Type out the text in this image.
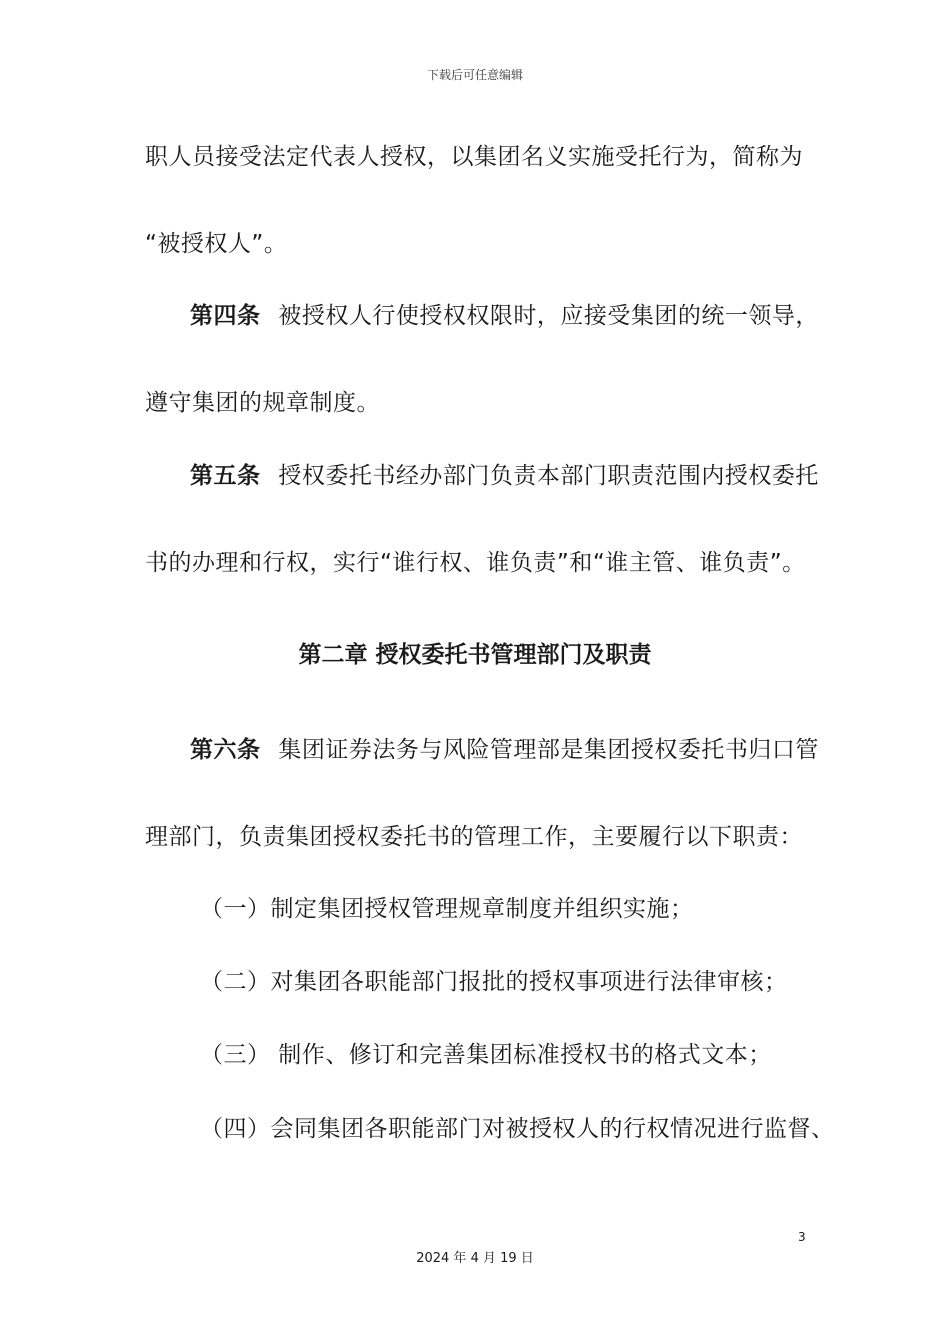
下载后可任意编辑
职人员接受法定代表人授权，以集团名义实施受托行为，简称为
“被授权人”。
第四条 被授权人行使授权权限时，应接受集团的统一领导，
遵守集团的规章制度。
第五条 授权委托书经办部门负责本部门职责范围内授权委托
书的办理和行权，实行“谁行权、谁负责”和“谁主管、谁负责”。
第二章 授权委托书管理部门及职责
第六条 集团证券法务与风险管理部是集团授权委托书归口管
理部门，负责集团授权委托书的管理工作，主要履行以下职责：
（一）制定集团授权管理规章制度并组织实施；
（二）对集团各职能部门报批的授权事项进行法律审核；
（三） 制作、修订和完善集团标准授权书的格式文本；
（四）会同集团各职能部门对被授权人的行权情况进行监督、
3
2024 年 4 月 19 日
